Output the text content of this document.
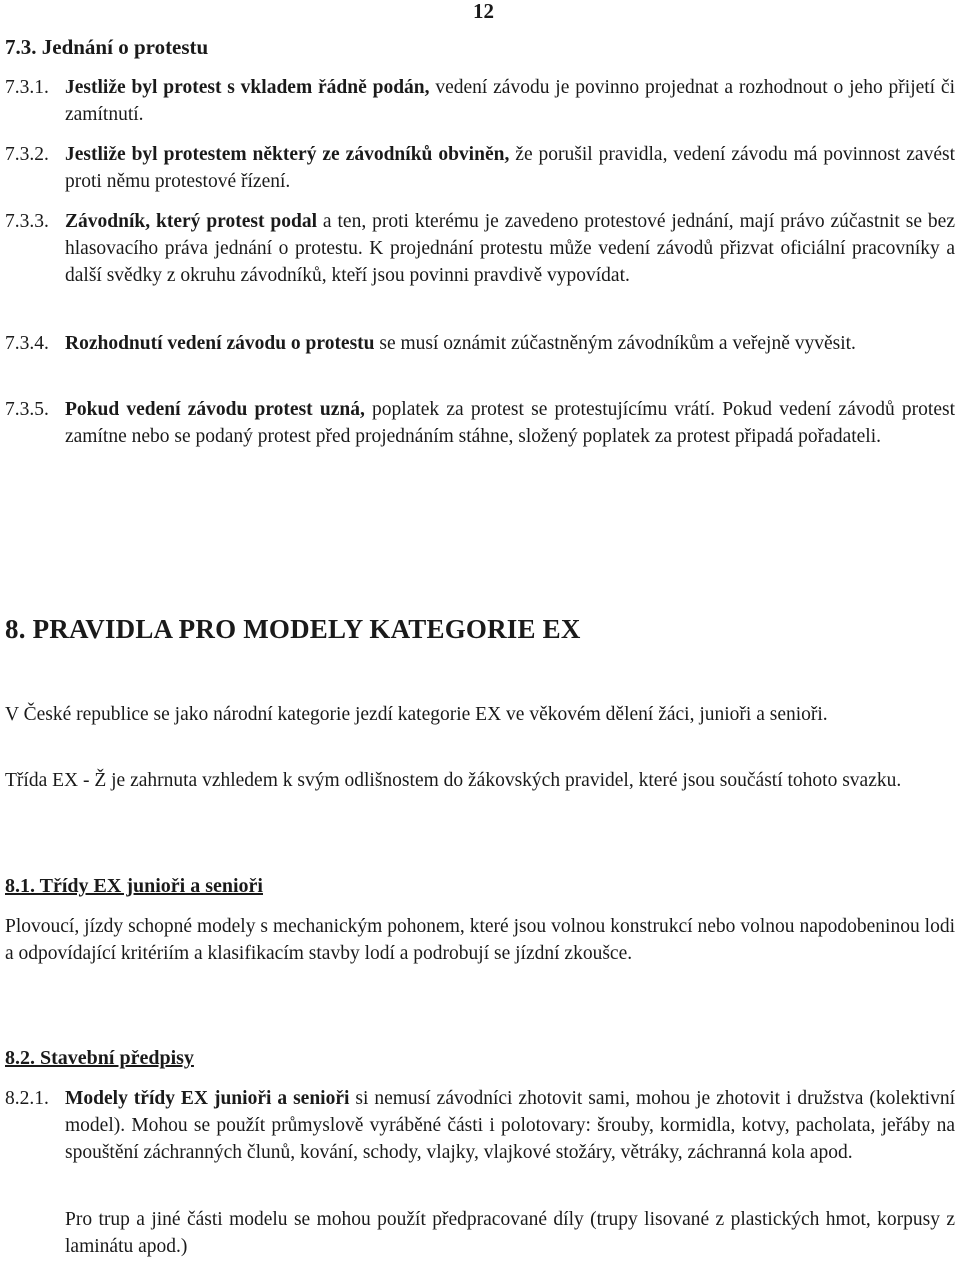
12
7.3. Jednání o protestu
7.3.1. Jestliže byl protest s vkladem řádně podán, vedení závodu je povinno projednat a rozhodnout o jeho přijetí či zamítnutí.
7.3.2. Jestliže byl protestem některý ze závodníků obviněn, že porušil pravidla, vedení závodu má povinnost zavést proti němu protestové řízení.
7.3.3. Závodník, který protest podal a ten, proti kterému je zavedeno protestové jednání, mají právo zúčastnit se bez hlasovacího práva jednání o protestu. K projednání protestu může vedení závodů přizvat oficiální pracovníky a další svědky z okruhu závodníků, kteří jsou povinni pravdivě vypovídat.
7.3.4. Rozhodnutí vedení závodu o protestu se musí oznámit zúčastněným závodníkům a veřejně vyvěsit.
7.3.5. Pokud vedení závodu protest uzná, poplatek za protest se protestujícímu vrátí. Pokud vedení závodů protest zamítne nebo se podaný protest před projednáním stáhne, složený poplatek za protest připadá pořadateli.
8. PRAVIDLA PRO MODELY KATEGORIE EX
V České republice se jako národní kategorie jezdí kategorie EX ve věkovém dělení žáci, junioři a senioři.
Třída EX - Ž je zahrnuta vzhledem k svým odlišnostem do žákovských pravidel, které jsou součástí tohoto svazku.
8.1. Třídy EX junioři a senioři
Plovoucí, jízdy schopné modely s mechanickým pohonem, které jsou volnou konstrukcí nebo volnou napodobeninou lodi a odpovídající kritériím a klasifikacím stavby lodí a podrobují se jízdní zkoušce.
8.2. Stavební předpisy
8.2.1. Modely třídy EX junioři a senioři si nemusí závodníci zhotovit sami, mohou je zhotovit i družstva (kolektivní model). Mohou se použít průmyslově vyráběné části i polotovary: šrouby, kormidla, kotvy, pacholata, jeřáby na spouštění záchranných člunů, kování, schody, vlajky, vlajkové stožáry, větráky, záchranná kola apod.
Pro trup a jiné části modelu se mohou použít předpracované díly (trupy lisované z plastických hmot, korpusy z laminátu apod.)
